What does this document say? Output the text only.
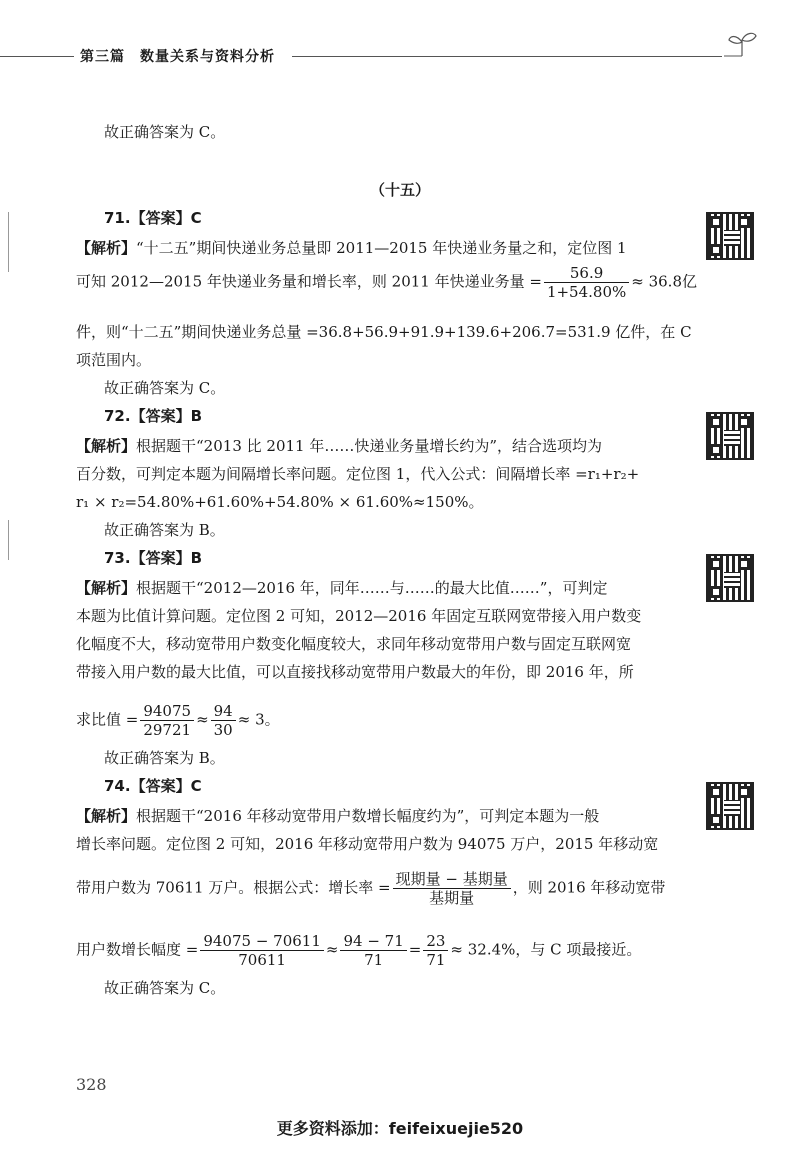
第三篇　数量关系与资料分析
故正确答案为 C。
（十五）
71.【答案】C
【解析】“十二五”期间快递业务总量即 2011—2015 年快递业务量之和，定位图 1
可知 2012—2015 年快递业务量和增长率，则 2011 年快递业务量 = $\frac{56.9}{1+54.80\%} \approx 36.8$亿
件，则“十二五”期间快递业务总量 =36.8+56.9+91.9+139.6+206.7=531.9 亿件，在 C
项范围内。
故正确答案为 C。
72.【答案】B
【解析】根据题干“2013 比 2011 年……快递业务量增长约为”，结合选项均为
百分数，可判定本题为间隔增长率问题。定位图 1，代入公式：间隔增长率 =r₁+r₂+
r₁ × r₂=54.80%+61.60%+54.80% × 61.60%≈150%。
故正确答案为 B。
73.【答案】B
【解析】根据题干“2012—2016 年，同年……与……的最大比值……”，可判定
本题为比值计算问题。定位图 2 可知，2012—2016 年固定互联网宽带接入用户数变
化幅度不大，移动宽带用户数变化幅度较大，求同年移动宽带用户数与固定互联网宽
带接入用户数的最大比值，可以直接找移动宽带用户数最大的年份，即 2016 年，所
求比值 = $\frac{94075}{29721} \approx \frac{94}{30} \approx 3$。
故正确答案为 B。
74.【答案】C
【解析】根据题干“2016 年移动宽带用户数增长幅度约为”，可判定本题为一般
增长率问题。定位图 2 可知，2016 年移动宽带用户数为 94075 万户，2015 年移动宽
带用户数为 70611 万户。根据公式：增长率 = $\frac{\text{现期量 − 基期量}}{\text{基期量}}$ ，则 2016 年移动宽带
用户数增长幅度 = $\frac{94075 - 70611}{70611} \approx \frac{94 - 71}{71} = \frac{23}{71} \approx 32.4\%$，与 C 项最接近。
故正确答案为 C。
328
更多资料添加：feifeixuejie520
